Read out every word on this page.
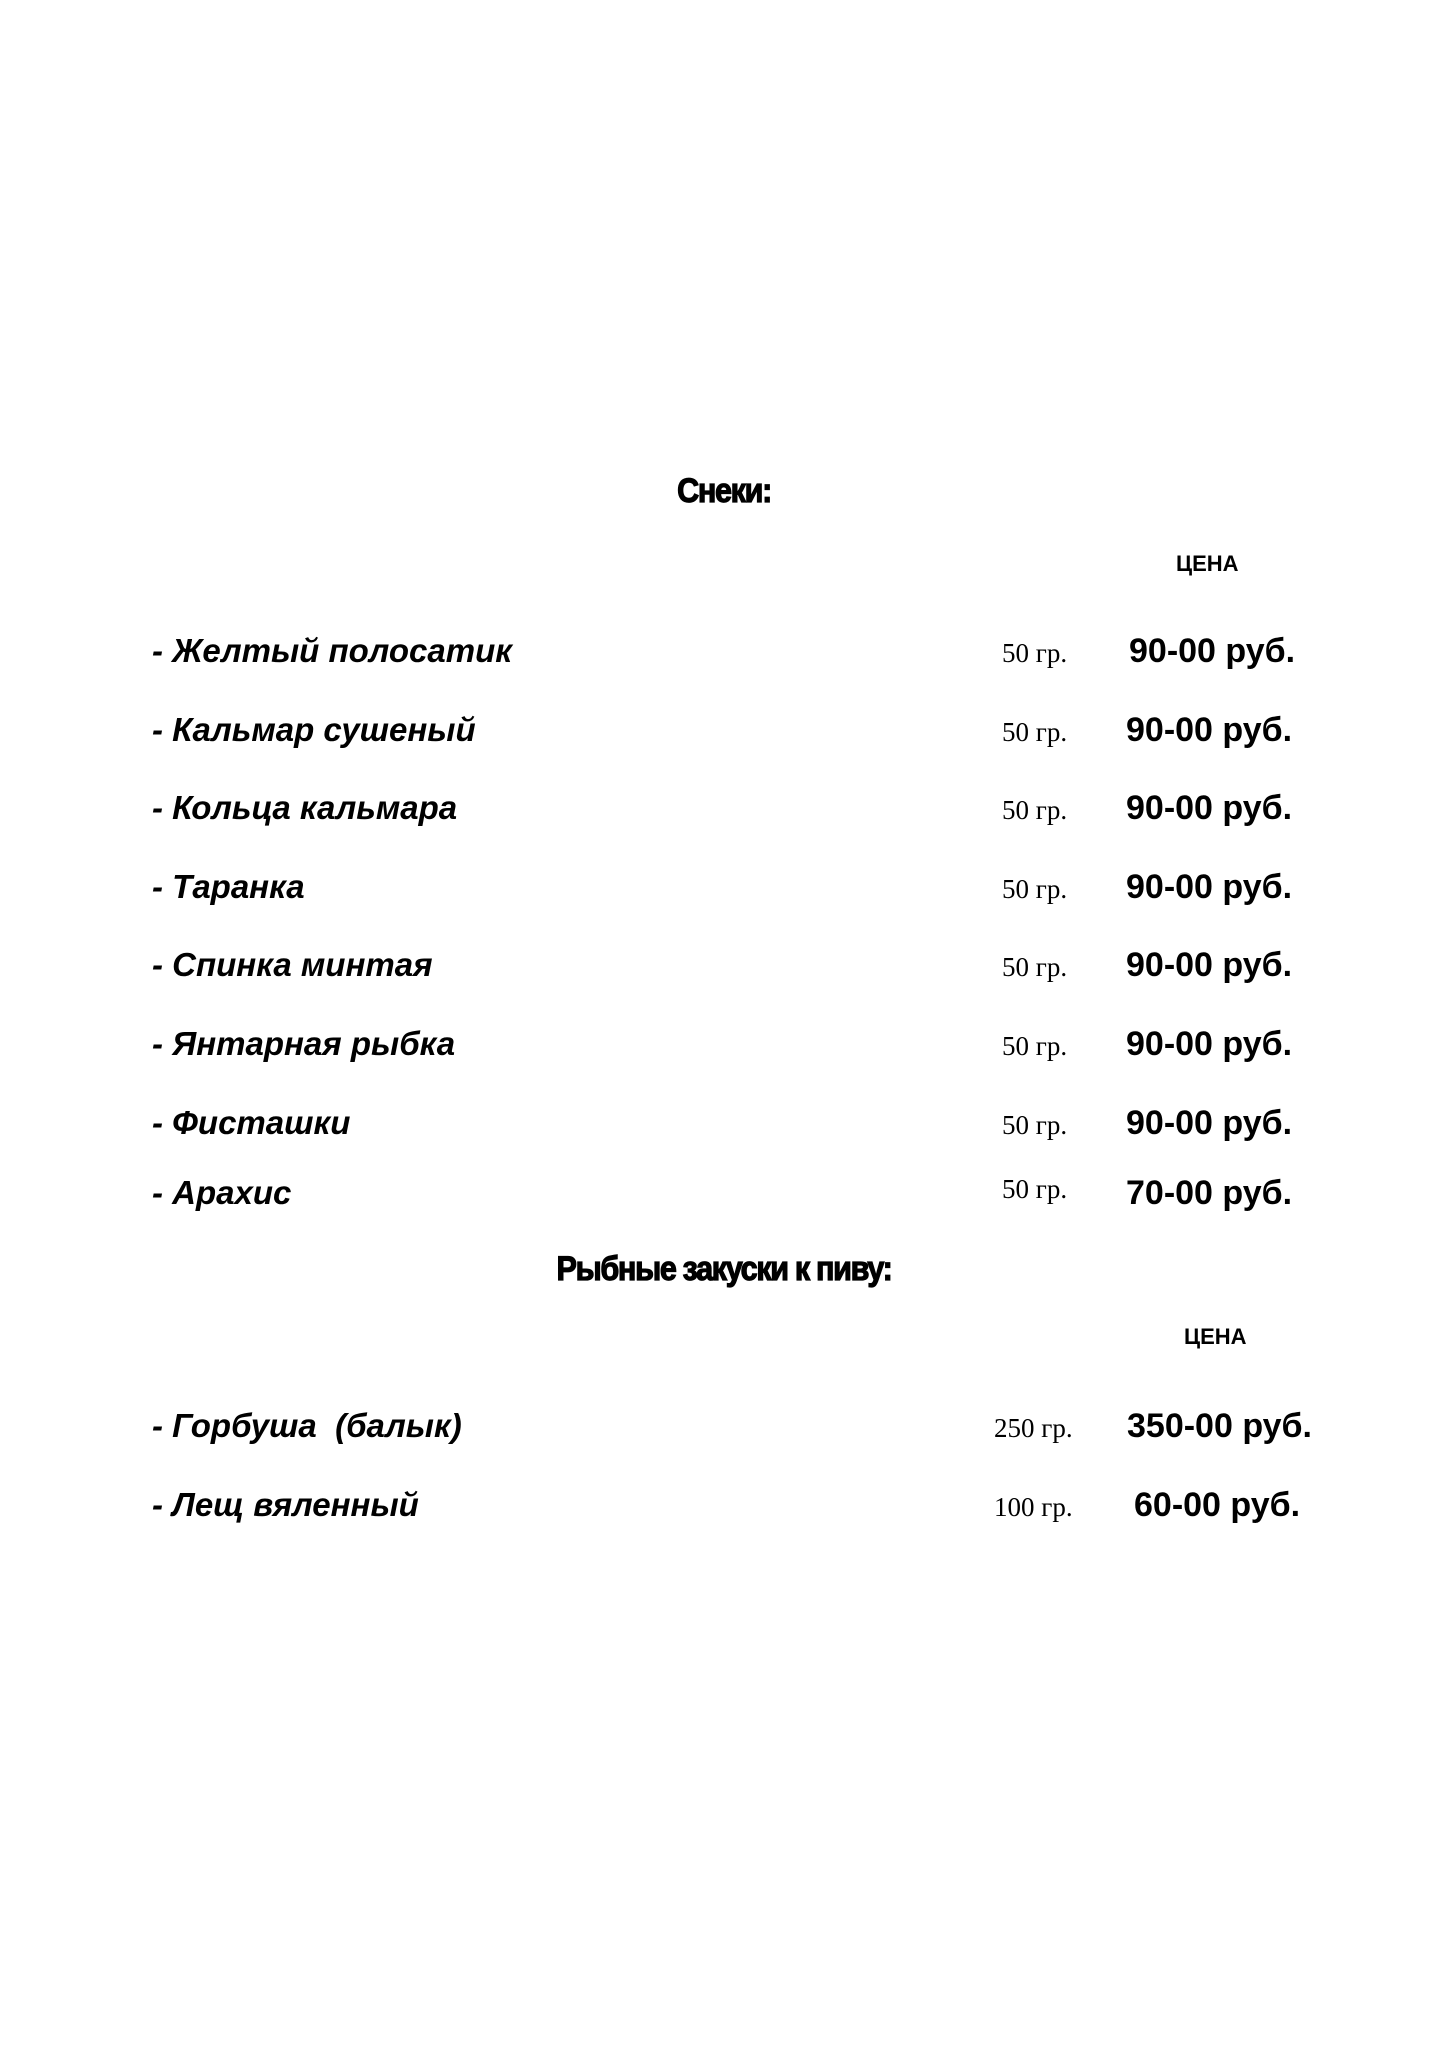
Снеки:
ЦЕНА
- Желтый полосатик	50 гр. 90-00 руб.
- Кальмар сушеный	50 гр. 90-00 руб.
- Кольца кальмара	50 гр. 90-00 руб.
- Таранка	50 гр. 90-00 руб.
- Спинка минтая	50 гр. 90-00 руб.
- Янтарная рыбка	50 гр. 90-00 руб.
- Фисташки	50 гр. 90-00 руб.
- Арахис	50 гр. 70-00 руб.
Рыбные закуски к пиву:
ЦЕНА
- Горбуша  (балык)	250 гр. 350-00 руб.
- Лещ вяленный	100 гр. 60-00 руб.
